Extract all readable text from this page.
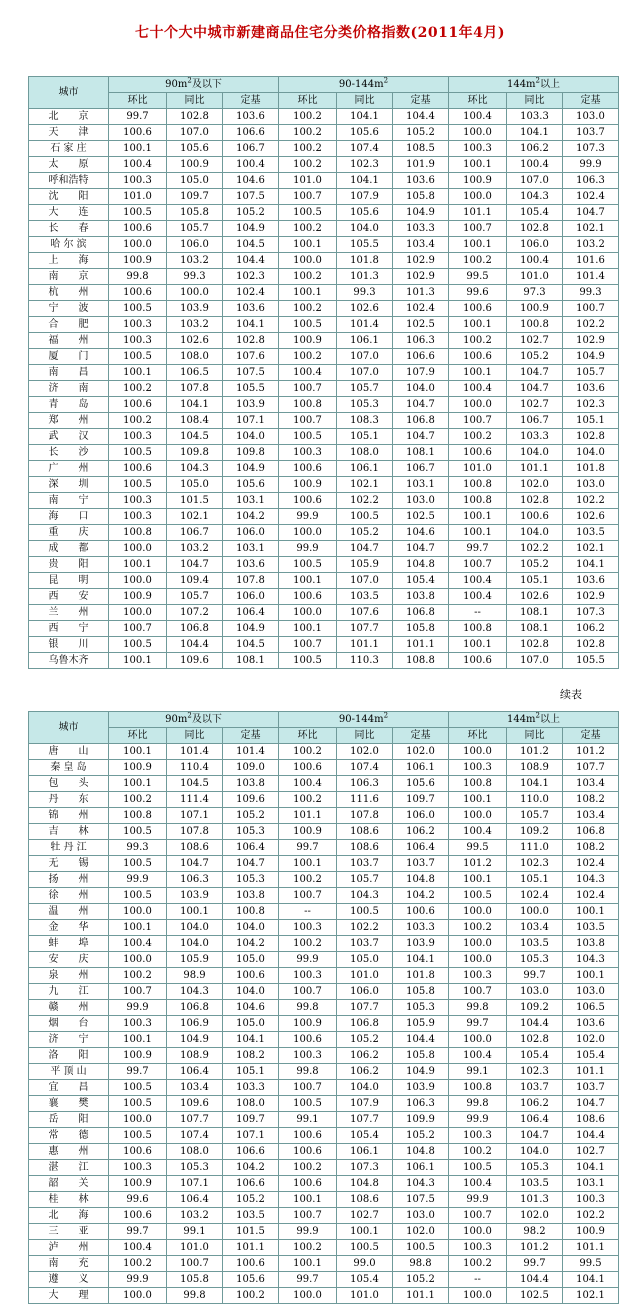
七十个大中城市新建商品住宅分类价格指数(2011年4月)
城市	$90m^2$及以下			$90-144m^2$			$144m^2$以上		
	环比	同比	定基	环比	同比	定基	环比	同比	定基
北　　京	99.7	102.8	103.6	100.2	104.1	104.4	100.4	103.3	103.0
天　　津	100.6	107.0	106.6	100.2	105.6	105.2	100.0	104.1	103.7
石 家 庄	100.1	105.6	106.7	100.2	107.4	108.5	100.3	106.2	107.3
太　　原	100.4	100.9	100.4	100.2	102.3	101.9	100.1	100.4	99.9
呼和浩特	100.3	105.0	104.6	101.0	104.1	103.6	100.9	107.0	106.3
沈　　阳	101.0	109.7	107.5	100.7	107.9	105.8	100.0	104.3	102.4
大　　连	100.5	105.8	105.2	100.5	105.6	104.9	101.1	105.4	104.7
长　　春	100.6	105.7	104.9	100.2	104.0	103.3	100.7	102.8	102.1
哈 尔 滨	100.0	106.0	104.5	100.1	105.5	103.4	100.1	106.0	103.2
上　　海	100.9	103.2	104.4	100.0	101.8	102.9	100.2	100.4	101.6
南　　京	99.8	99.3	102.3	100.2	101.3	102.9	99.5	101.0	101.4
杭　　州	100.6	100.0	102.4	100.1	99.3	101.3	99.6	97.3	99.3
宁　　波	100.5	103.9	103.6	100.2	102.6	102.4	100.6	100.9	100.7
合　　肥	100.3	103.2	104.1	100.5	101.4	102.5	100.1	100.8	102.2
福　　州	100.3	102.6	102.8	100.9	106.1	106.3	100.2	102.7	102.9
厦　　门	100.5	108.0	107.6	100.2	107.0	106.6	100.6	105.2	104.9
南　　昌	100.1	106.5	107.5	100.4	107.0	107.9	100.1	104.7	105.7
济　　南	100.2	107.8	105.5	100.7	105.7	104.0	100.4	104.7	103.6
青　　岛	100.6	104.1	103.9	100.8	105.3	104.7	100.0	102.7	102.3
郑　　州	100.2	108.4	107.1	100.7	108.3	106.8	100.7	106.7	105.1
武　　汉	100.3	104.5	104.0	100.5	105.1	104.7	100.2	103.3	102.8
长　　沙	100.5	109.8	109.8	100.3	108.0	108.1	100.6	104.0	104.0
广　　州	100.6	104.3	104.9	100.6	106.1	106.7	101.0	101.1	101.8
深　　圳	100.5	105.0	105.6	100.9	102.1	103.1	100.8	102.0	103.0
南　　宁	100.3	101.5	103.1	100.6	102.2	103.0	100.8	102.8	102.2
海　　口	100.3	102.1	104.2	99.9	100.5	102.5	100.1	100.6	102.6
重　　庆	100.8	106.7	106.0	100.0	105.2	104.6	100.1	104.0	103.5
成　　都	100.0	103.2	103.1	99.9	104.7	104.7	99.7	102.2	102.1
贵　　阳	100.1	104.7	103.6	100.5	105.9	104.8	100.7	105.2	104.1
昆　　明	100.0	109.4	107.8	100.1	107.0	105.4	100.4	105.1	103.6
西　　安	100.9	105.7	106.0	100.6	103.5	103.8	100.4	102.6	102.9
兰　　州	100.0	107.2	106.4	100.0	107.6	106.8	--	108.1	107.3
西　　宁	100.7	106.8	104.9	100.1	107.7	105.8	100.8	108.1	106.2
银　　川	100.5	104.4	104.5	100.7	101.1	101.1	100.1	102.8	102.8
乌鲁木齐	100.1	109.6	108.1	100.5	110.3	108.8	100.6	107.0	105.5
续表
城市	$90m^2$及以下			$90-144m^2$			$144m^2$以上		
	环比	同比	定基	环比	同比	定基	环比	同比	定基
唐　　山	100.1	101.4	101.4	100.2	102.0	102.0	100.0	101.2	101.2
秦 皇 岛	100.9	110.4	109.0	100.6	107.4	106.1	100.3	108.9	107.7
包　　头	100.1	104.5	103.8	100.4	106.3	105.6	100.8	104.1	103.4
丹　　东	100.2	111.4	109.6	100.2	111.6	109.7	100.1	110.0	108.2
锦　　州	100.8	107.1	105.2	101.1	107.8	106.0	100.0	105.7	103.4
吉　　林	100.5	107.8	105.3	100.9	108.6	106.2	100.4	109.2	106.8
牡 丹 江	99.3	108.6	106.4	99.7	108.6	106.4	99.5	111.0	108.2
无　　锡	100.5	104.7	104.7	100.1	103.7	103.7	101.2	102.3	102.4
扬　　州	99.9	106.3	105.3	100.2	105.7	104.8	100.1	105.1	104.3
徐　　州	100.5	103.9	103.8	100.7	104.3	104.2	100.5	102.4	102.4
温　　州	100.0	100.1	100.8	--	100.5	100.6	100.0	100.0	100.1
金　　华	100.1	104.0	104.0	100.3	102.2	103.3	100.2	103.4	103.5
蚌　　埠	100.4	104.0	104.2	100.2	103.7	103.9	100.0	103.5	103.8
安　　庆	100.0	105.9	105.0	99.9	105.0	104.1	100.0	105.3	104.3
泉　　州	100.2	98.9	100.6	100.3	101.0	101.8	100.3	99.7	100.1
九　　江	100.7	104.3	104.0	100.7	106.0	105.8	100.7	103.0	103.0
赣　　州	99.9	106.8	104.6	99.8	107.7	105.3	99.8	109.2	106.5
烟　　台	100.3	106.9	105.0	100.9	106.8	105.9	99.7	104.4	103.6
济　　宁	100.1	104.9	104.1	100.6	105.2	104.4	100.0	102.8	102.0
洛　　阳	100.9	108.9	108.2	100.3	106.2	105.8	100.4	105.4	105.4
平 顶 山	99.7	106.4	105.1	99.8	106.2	104.9	99.1	102.3	101.1
宜　　昌	100.5	103.4	103.3	100.7	104.0	103.9	100.8	103.7	103.7
襄　　樊	100.5	109.6	108.0	100.5	107.9	106.3	99.8	106.2	104.7
岳　　阳	100.0	107.7	109.7	99.1	107.7	109.9	99.9	106.4	108.6
常　　德	100.5	107.4	107.1	100.6	105.4	105.2	100.3	104.7	104.4
惠　　州	100.6	108.0	106.6	100.6	106.1	104.8	100.2	104.0	102.7
湛　　江	100.3	105.3	104.2	100.2	107.3	106.1	100.5	105.3	104.1
韶　　关	100.9	107.1	106.6	100.6	104.8	104.3	100.4	103.5	103.1
桂　　林	99.6	106.4	105.2	100.1	108.6	107.5	99.9	101.3	100.3
北　　海	100.6	103.2	103.5	100.7	102.7	103.0	100.7	102.0	102.2
三　　亚	99.7	99.1	101.5	99.9	100.1	102.0	100.0	98.2	100.9
泸　　州	100.4	101.0	101.1	100.2	100.5	100.5	100.3	101.2	101.1
南　　充	100.2	100.7	100.6	100.1	99.0	98.8	100.2	99.7	99.5
遵　　义	99.9	105.8	105.6	99.7	105.4	105.2	--	104.4	104.1
大　　理	100.0	99.8	100.2	100.0	101.0	101.1	100.0	102.5	102.1
